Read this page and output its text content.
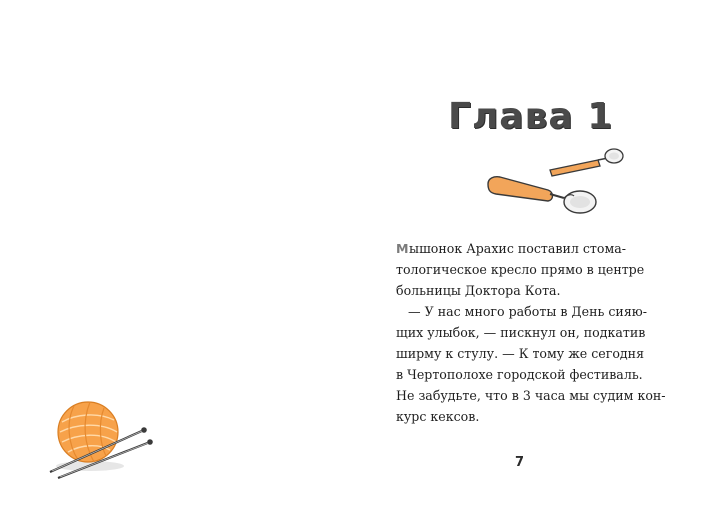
Глава 1
Мышонок Арахис поставил стома-
тологическое кресло прямо в центре
больницы Доктора Кота.
— У нас много работы в День сияю-
щих улыбок, — пискнул он, подкатив
ширму к стулу. — К тому же сегодня
в Чертополохе городской фестиваль.
Не забудьте, что в 3 часа мы судим кон-
курс кексов.
7
